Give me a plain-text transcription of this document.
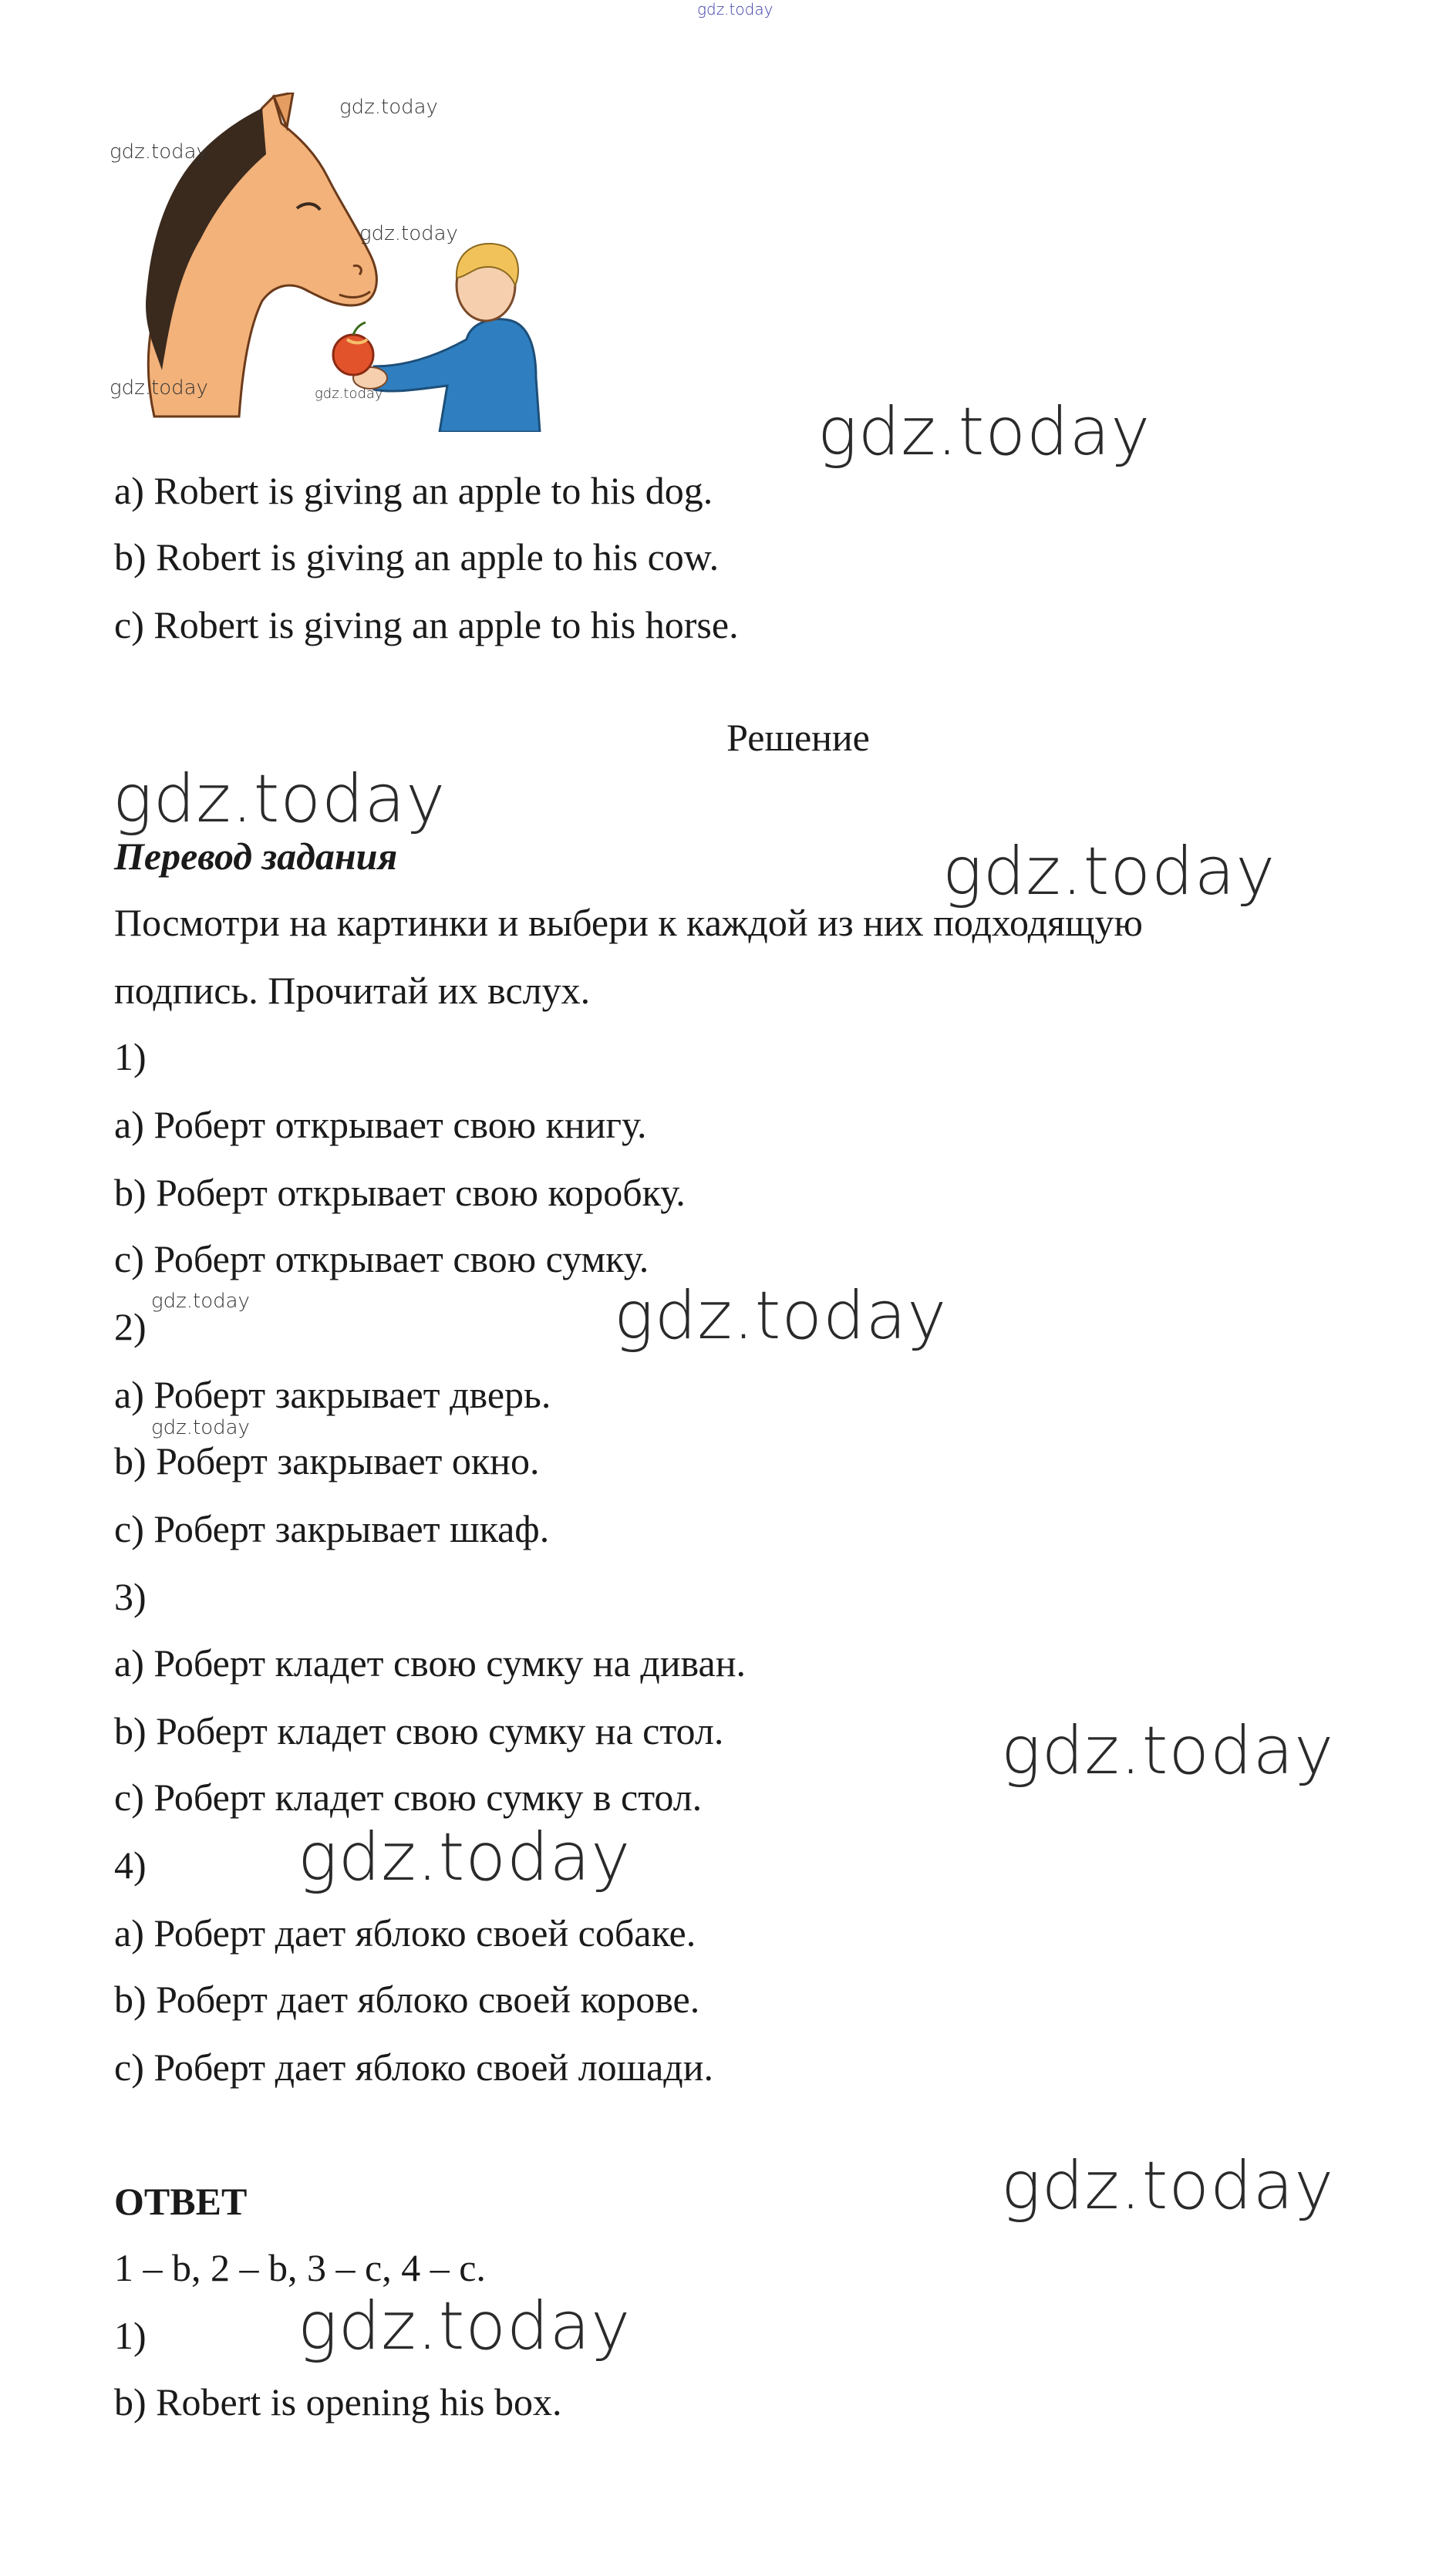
gdz.today
gdz.today
gdz.today
gdz.today
gdz.today	gdz.today
a) Robert is giving an apple to his dog.
b) Robert is giving an apple to his cow.
c) Robert is giving an apple to his horse.
Решение
Перевод задания
Посмотри на картинки и выбери к каждой из них подходящую
подпись. Прочитай их вслух.
1)
a) Роберт открывает свою книгу.
b) Роберт открывает свою коробку.
c) Роберт открывает свою сумку.
2)
a) Роберт закрывает дверь.
b) Роберт закрывает окно.
c) Роберт закрывает шкаф.
3)
a) Роберт кладет свою сумку на диван.
b) Роберт кладет свою сумку на стол.
c) Роберт кладет свою сумку в стол.
4)
a) Роберт дает яблоко своей собаке.
b) Роберт дает яблоко своей корове.
c) Роберт дает яблоко своей лошади.
ОТВЕТ
1 – b, 2 – b, 3 – c, 4 – c.
1)
b) Robert is opening his box.
gdz.today
gdz.today
gdz.today
gdz.today	gdz.today
gdz.today
gdz.today
gdz.today
gdz.today
gdz.today
